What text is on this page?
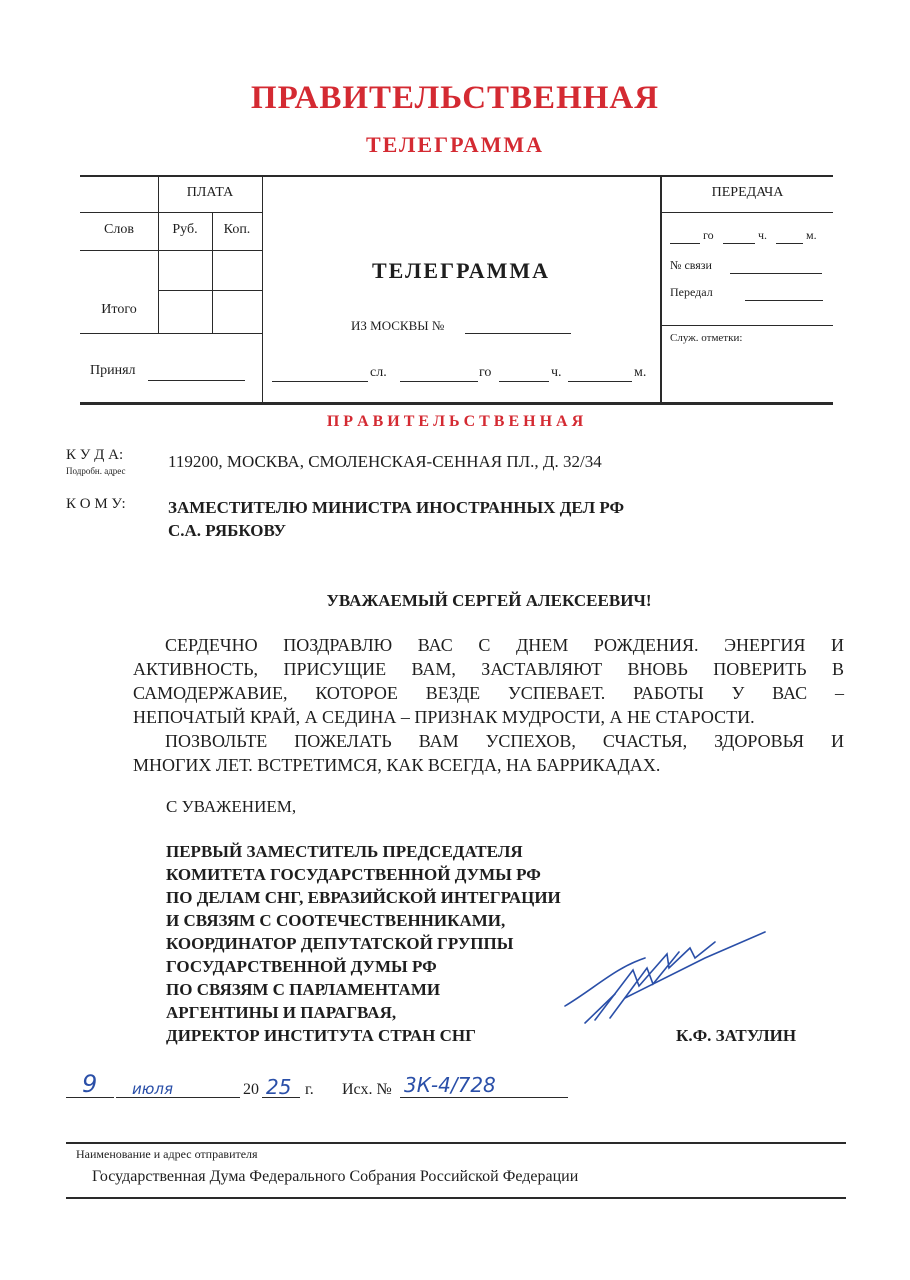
ПРАВИТЕЛЬСТВЕННАЯ
ТЕЛЕГРАММА
ПЛАТА
Слов	Руб.	Коп.
Итого
Принял
ТЕЛЕГРАММА
ИЗ МОСКВЫ №
сл.	го	ч.	м.
ПЕРЕДАЧА
го	ч.	м.
№ связи
Передал
Служ. отметки:
П Р А В И Т Е Л Ь С Т В Е Н Н А Я
К У Д А:
Подробн. адрес 119200, МОСКВА, СМОЛЕНСКАЯ-СЕННАЯ ПЛ., Д. 32/34
К О М У: ЗАМЕСТИТЕЛЮ МИНИСТРА ИНОСТРАННЫХ ДЕЛ РФ
С.А. РЯБКОВУ
УВАЖАЕМЫЙ СЕРГЕЙ АЛЕКСЕЕВИЧ!
СЕРДЕЧНО ПОЗДРАВЛЮ ВАС С ДНЕМ РОЖДЕНИЯ. ЭНЕРГИЯ И
АКТИВНОСТЬ, ПРИСУЩИЕ ВАМ, ЗАСТАВЛЯЮТ ВНОВЬ ПОВЕРИТЬ В
САМОДЕРЖАВИЕ, КОТОРОЕ ВЕЗДЕ УСПЕВАЕТ. РАБОТЫ У ВАС –
НЕПОЧАТЫЙ КРАЙ, А СЕДИНА – ПРИЗНАК МУДРОСТИ, А НЕ СТАРОСТИ.
ПОЗВОЛЬТЕ ПОЖЕЛАТЬ ВАМ УСПЕХОВ, СЧАСТЬЯ, ЗДОРОВЬЯ И
МНОГИХ ЛЕТ. ВСТРЕТИМСЯ, КАК ВСЕГДА, НА БАРРИКАДАХ.
С УВАЖЕНИЕМ,
ПЕРВЫЙ ЗАМЕСТИТЕЛЬ ПРЕДСЕДАТЕЛЯ
КОМИТЕТА ГОСУДАРСТВЕННОЙ ДУМЫ РФ
ПО ДЕЛАМ СНГ, ЕВРАЗИЙСКОЙ ИНТЕГРАЦИИ
И СВЯЗЯМ С СООТЕЧЕСТВЕННИКАМИ,
КООРДИНАТОР ДЕПУТАТСКОЙ ГРУППЫ
ГОСУДАРСТВЕННОЙ ДУМЫ РФ
ПО СВЯЗЯМ С ПАРЛАМЕНТАМИ
АРГЕНТИНЫ И ПАРАГВАЯ,
ДИРЕКТОР ИНСТИТУТА СТРАН СНГ	К.Ф. ЗАТУЛИН
9 июля	20 25 г. Исх. № 3К-4/728
Наименование и адрес отправителя
Государственная Дума Федерального Собрания Российской Федерации
